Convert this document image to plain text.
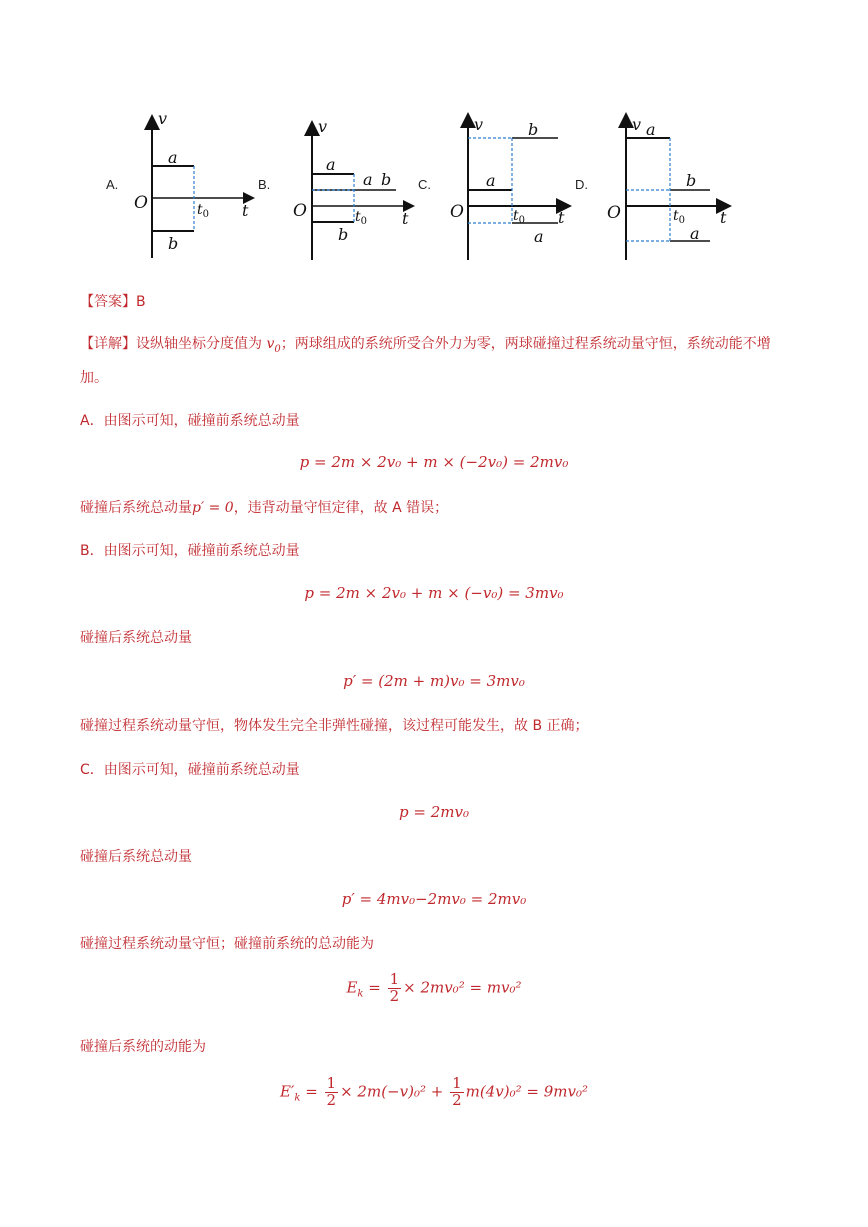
A.	B.	C.	D.
v
t
O
a
b
$t_0$
v
t
O
a
a b
b
$t_0$
v
t
O
b
a
a
$t_0$
v
t
O
a
b
a
$t_0$
【答案】B
【详解】设纵轴坐标分度值为 $v_0$；两球组成的系统所受合外力为零，两球碰撞过程系统动量守恒，系统动能不增加。
A．由图示可知，碰撞前系统总动量
p = 2m × 2v₀ + m × (−2v₀) = 2mv₀
碰撞后系统总动量p′ = 0，违背动量守恒定律，故 A 错误；
B．由图示可知，碰撞前系统总动量
p = 2m × 2v₀ + m × (−v₀) = 3mv₀
碰撞后系统总动量
p′ = (2m + m)v₀ = 3mv₀
碰撞过程系统动量守恒，物体发生完全非弹性碰撞，该过程可能发生，故 B 正确；
C．由图示可知，碰撞前系统总动量
p = 2mv₀
碰撞后系统总动量
p′ = 4mv₀−2mv₀ = 2mv₀
碰撞过程系统动量守恒；碰撞前系统的总动能为
$E_k = \frac{1}{2} \times 2mv_0^2 = mv_0^2$
碰撞后系统的动能为
$E'_k = \frac{1}{2} \times 2m(-v)_0^2 + \frac{1}{2} m(4v)_0^2 = 9mv_0^2$
